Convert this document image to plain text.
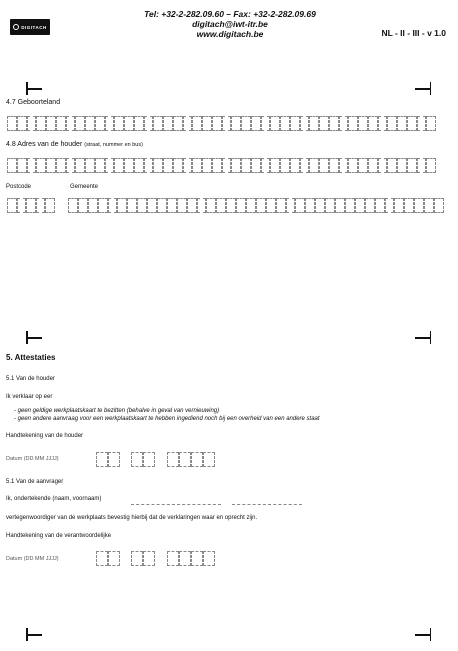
DIGITACH
Tel: +32-2-282.09.60 – Fax: +32-2-282.09.69
digitach@iwt-itr.be
www.digitach.be	NL - II - III - v 1.0
4.7 Geboorteland
4.8 Adres van de houder (straat, nummer en bus)
Postcode	Gemeente
5. Attestaties
5.1 Van de houder
Ik verklaar op eer
- geen geldige werkplaatskaart te bezitten (behalve in geval van vernieuwing)
- geen andere aanvraag voor een werkplaatskaart te hebben ingediend noch bij een overheid van een andere staat
Handtekening van de houder
Datum (DD MM JJJJ)
5.1 Van de aanvrager
Ik, ondertekende (naam, voornaam)
vertegenwoordiger van de werkplaats bevestig hierbij dat de verklaringen waar en oprecht zijn.
Handtekening van de verantwoordelijke
Datum (DD MM JJJJ)
